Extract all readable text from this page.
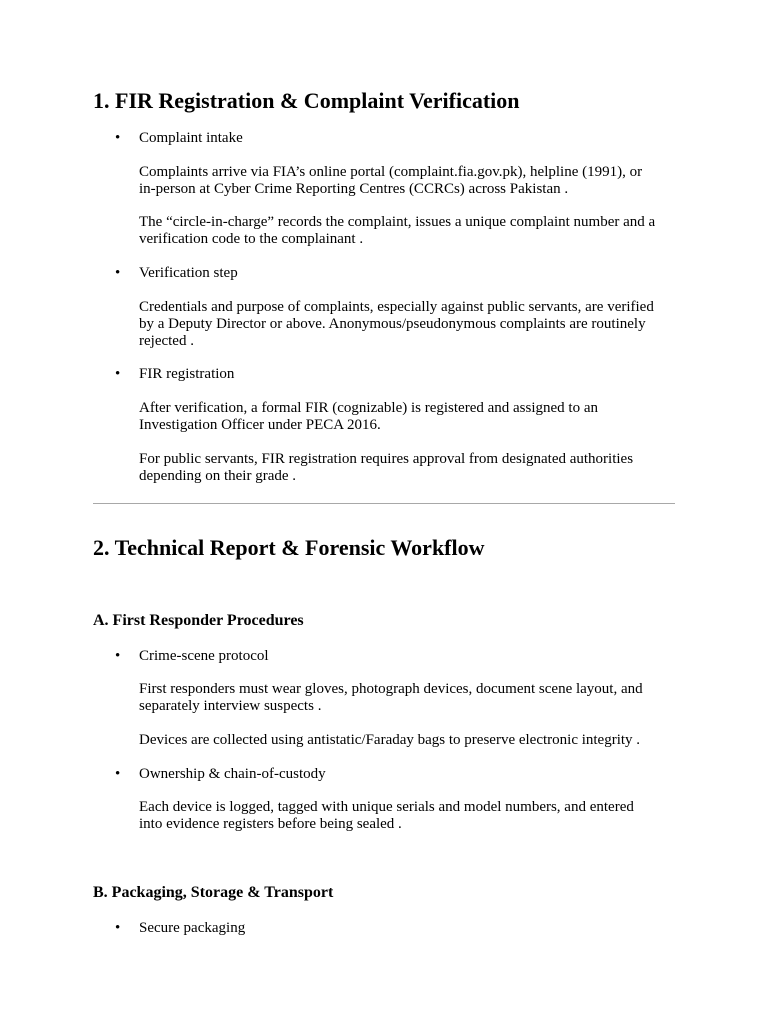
1. FIR Registration & Complaint Verification
• Complaint intake

Complaints arrive via FIA’s online portal (complaint.fia.gov.pk), helpline (1991), or
in-person at Cyber Crime Reporting Centres (CCRCs) across Pakistan .

The “circle-in-charge” records the complaint, issues a unique complaint number and a
verification code to the complainant .

• Verification step

Credentials and purpose of complaints, especially against public servants, are verified
by a Deputy Director or above. Anonymous/pseudonymous complaints are routinely
rejected .

• FIR registration

After verification, a formal FIR (cognizable) is registered and assigned to an
Investigation Officer under PECA 2016.

For public servants, FIR registration requires approval from designated authorities
depending on their grade .

2. Technical Report & Forensic Workflow
A. First Responder Procedures
• Crime-scene protocol

First responders must wear gloves, photograph devices, document scene layout, and
separately interview suspects .

Devices are collected using antistatic/Faraday bags to preserve electronic integrity .

• Ownership & chain-of-custody

Each device is logged, tagged with unique serials and model numbers, and entered
into evidence registers before being sealed .

B. Packaging, Storage & Transport
• Secure packaging
